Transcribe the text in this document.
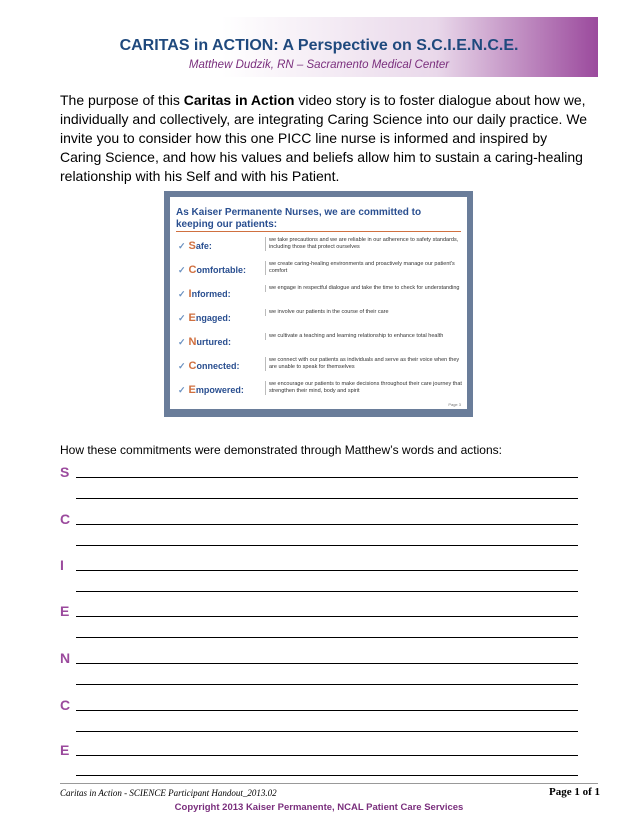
CARITAS in ACTION: A Perspective on S.C.I.E.N.C.E.
Matthew Dudzik, RN – Sacramento Medical Center
The purpose of this Caritas in Action video story is to foster dialogue about how we, individually and collectively, are integrating Caring Science into our daily practice. We invite you to consider how this one PICC line nurse is informed and inspired by Caring Science, and how his values and beliefs allow him to sustain a caring-healing relationship with his Self and with his Patient.
As Kaiser Permanente Nurses, we are committed to
keeping our patients:
✓ Safe:
we take precautions and we are reliable in our adherence to safety standards, including those that protect ourselves
✓ Comfortable:
we create caring-healing environments and proactively manage our patient's comfort
✓ Informed:
we engage in respectful dialogue and take the time to check for understanding
✓ Engaged:
we involve our patients in the course of their care
✓ Nurtured:
we cultivate a teaching and learning relationship to enhance total health
✓ Connected:
we connect with our patients as individuals and serve as their voice when they are unable to speak for themselves
✓ Empowered:
we encourage our patients to make decisions throughout their care journey that strengthen their mind, body and spirit
Page 3
How these commitments were demonstrated through Matthew’s words and actions:
S
C
I
E
N
C
E
Caritas in Action - SCIENCE Participant Handout_2013.02	Page 1 of 1
Copyright 2013 Kaiser Permanente, NCAL Patient Care Services
